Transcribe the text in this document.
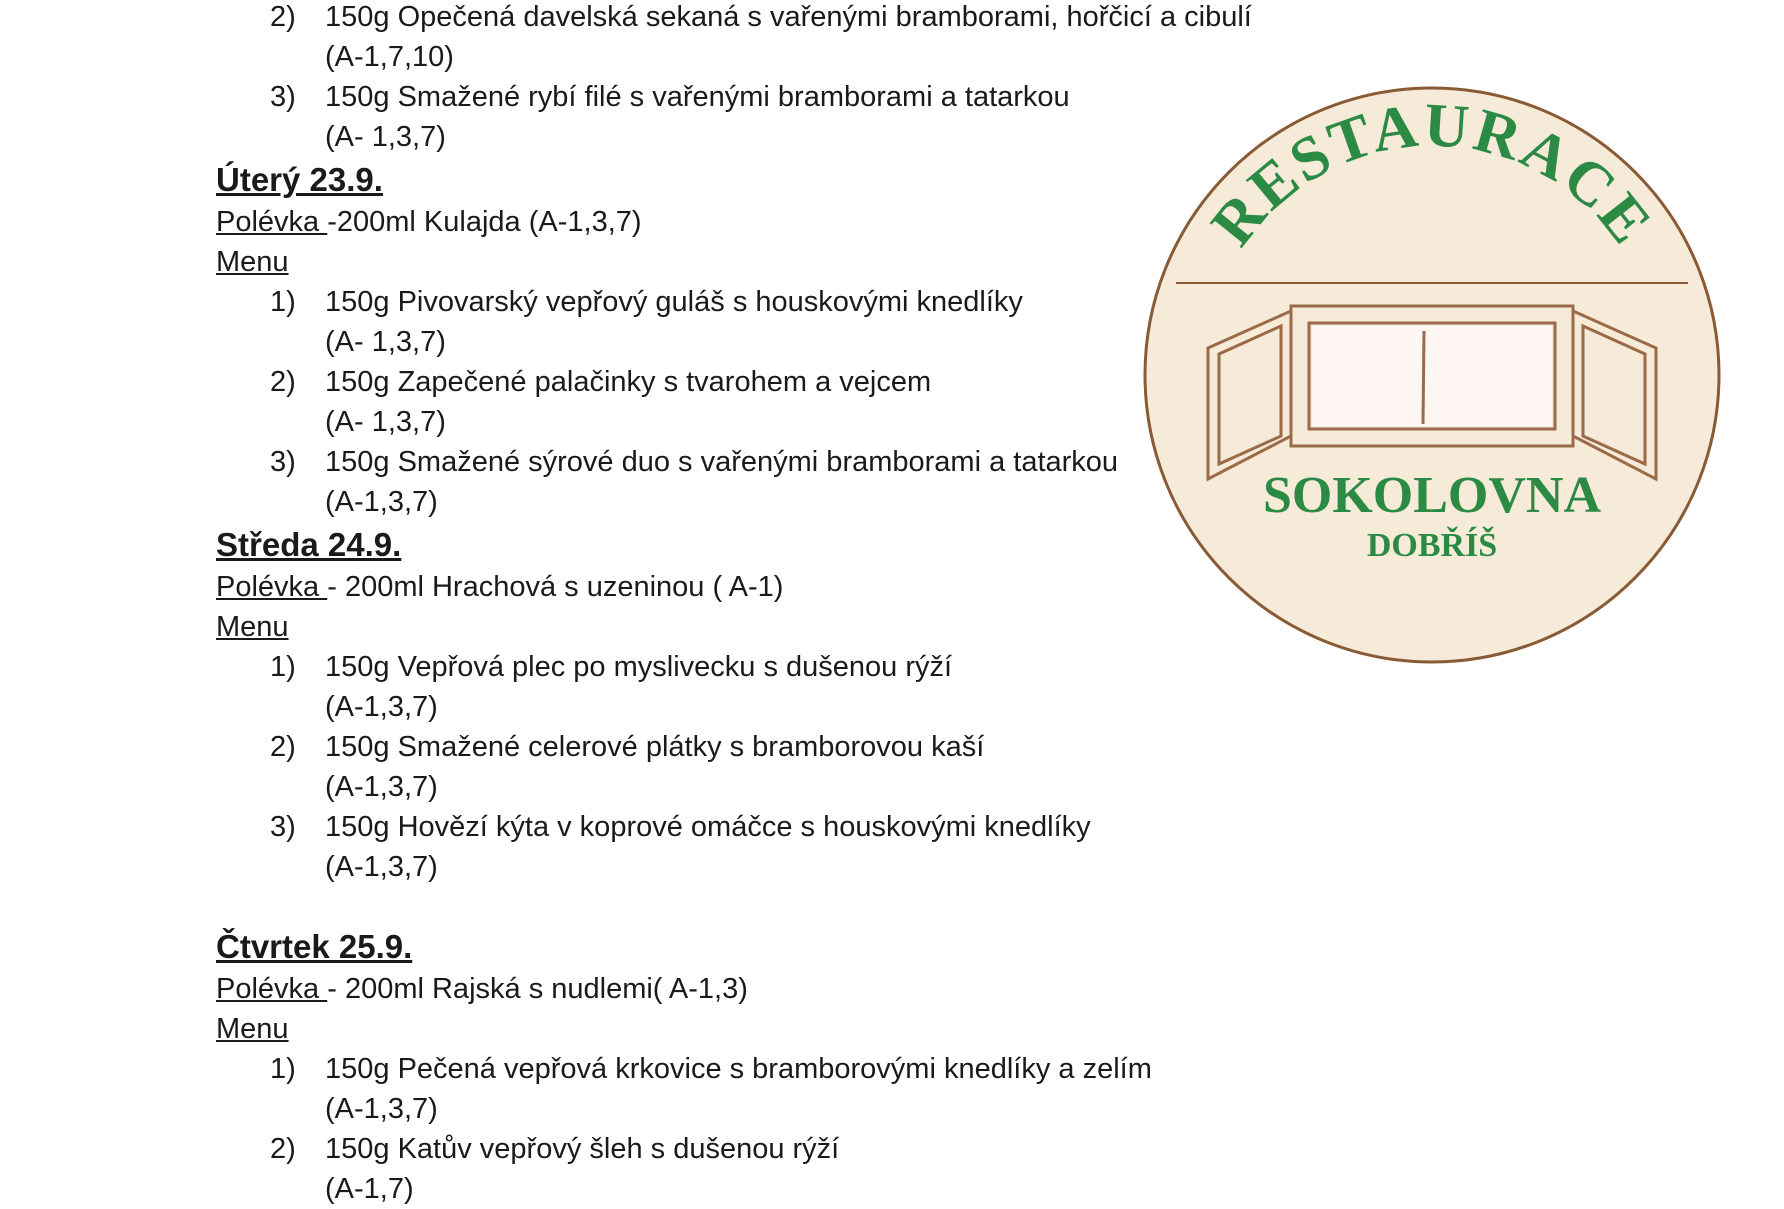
2) 150g Opečená davelská sekaná s vařenými bramborami, hořčicí a cibulí
(A-1,7,10)
3) 150g Smažené rybí filé s vařenými bramborami a tatarkou
(A- 1,3,7)
Úterý 23.9.
Polévka -200ml Kulajda (A-1,3,7)
Menu
1) 150g Pivovarský vepřový guláš s houskovými knedlíky
(A- 1,3,7)
2) 150g Zapečené palačinky s tvarohem a vejcem
(A- 1,3,7)
3) 150g Smažené sýrové duo s vařenými bramborami a tatarkou
(A-1,3,7)
Středa 24.9.
Polévka - 200ml Hrachová s uzeninou ( A-1)
Menu
1) 150g Vepřová plec po myslivecku s dušenou rýží
(A-1,3,7)
2) 150g Smažené celerové plátky s bramborovou kaší
(A-1,3,7)
3) 150g Hovězí kýta v koprové omáčce s houskovými knedlíky
(A-1,3,7)
Čtvrtek 25.9.
Polévka - 200ml Rajská s nudlemi( A-1,3)
Menu
1) 150g Pečená vepřová krkovice s bramborovými knedlíky a zelím
(A-1,3,7)
2) 150g Katův vepřový šleh s dušenou rýží
(A-1,7)
RESTAURACE
SOKOLOVNA
DOBŘÍŠ
